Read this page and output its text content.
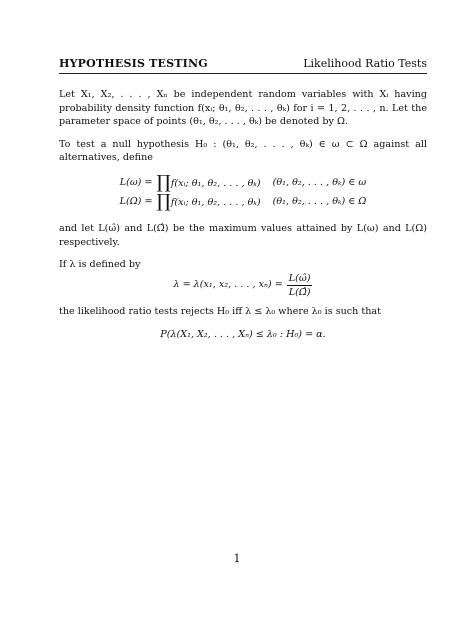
HYPOTHESIS TESTING	Likelihood Ratio Tests

Let X₁, X₂, . . . , Xₙ be independent random variables with Xᵢ having probability density function f(xᵢ; θ₁, θ₂, . . . , θₖ) for i = 1, 2, . . . , n. Let the parameter space of points (θ₁, θ₂, . . . , θₖ) be denoted by Ω.

To test a null hypothesis H₀ : (θ₁, θ₂, . . . , θₖ) ∈ ω ⊂ Ω against all alternatives, define

L(ω) =	∏f(xᵢ; θ₁, θ₂, . . . , θₖ)	(θ₁, θ₂, . . . , θₖ) ∈ ω
L(Ω) =	∏f(xᵢ; θ₁, θ₂, . . . , θₖ)	(θ₁, θ₂, . . . , θₖ) ∈ Ω

and let L(ω̂) and L(Ω̂) be the maximum values attained by L(ω) and L(Ω) respectively.

If λ is defined by

λ = λ(x₁, x₂, . . . , $x_n) = \frac{L(\omegâ)}{L(\Omegâ)}$

the likelihood ratio tests rejects H₀ iff λ ≤ λ₀ where λ₀ is such that

P(λ(X₁, X₂, . . . , Xₙ) ≤ λ₀ : H₀) = α.
1
